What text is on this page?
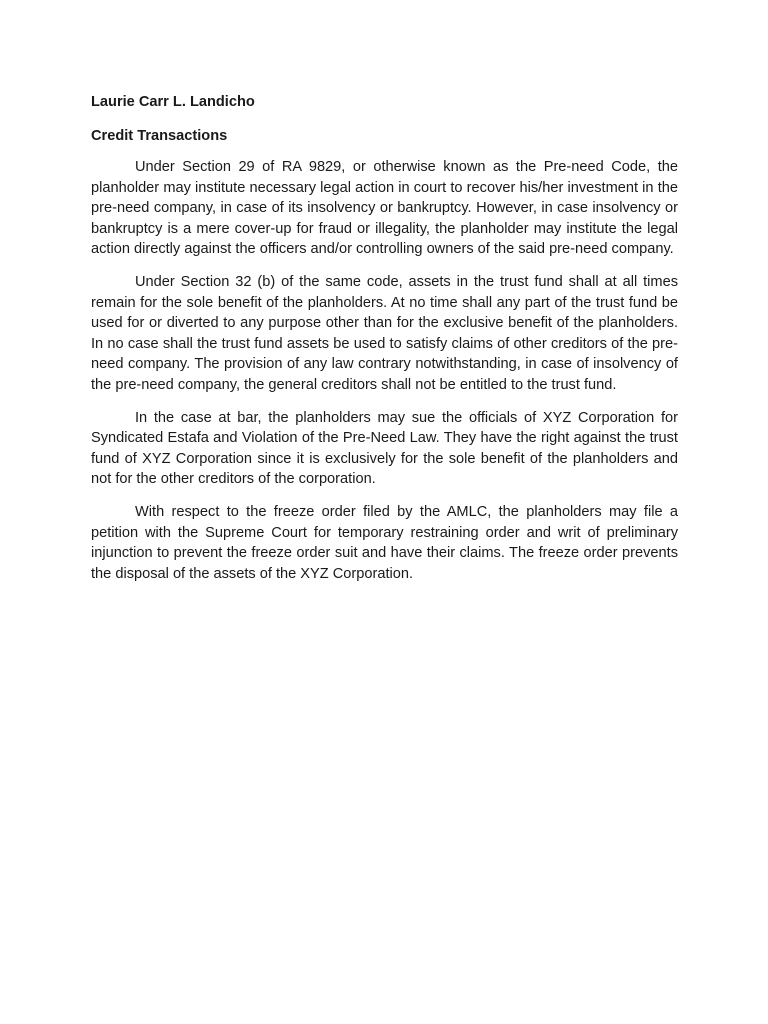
Laurie Carr L. Landicho

Credit Transactions

Under Section 29 of RA 9829, or otherwise known as the Pre-need Code, the planholder may institute necessary legal action in court to recover his/her investment in the pre-need company, in case of its insolvency or bankruptcy. However, in case insolvency or bankruptcy is a mere cover-up for fraud or illegality, the planholder may institute the legal action directly against the officers and/or controlling owners of the said pre-need company.

Under Section 32 (b) of the same code, assets in the trust fund shall at all times remain for the sole benefit of the planholders. At no time shall any part of the trust fund be used for or diverted to any purpose other than for the exclusive benefit of the planholders. In no case shall the trust fund assets be used to satisfy claims of other creditors of the pre-need company. The provision of any law contrary notwithstanding, in case of insolvency of the pre-need company, the general creditors shall not be entitled to the trust fund.

In the case at bar, the planholders may sue the officials of XYZ Corporation for Syndicated Estafa and Violation of the Pre-Need Law. They have the right against the trust fund of XYZ Corporation since it is exclusively for the sole benefit of the planholders and not for the other creditors of the corporation.

With respect to the freeze order filed by the AMLC, the planholders may file a petition with the Supreme Court for temporary restraining order and writ of preliminary injunction to prevent the freeze order suit and have their claims. The freeze order prevents the disposal of the assets of the XYZ Corporation.
